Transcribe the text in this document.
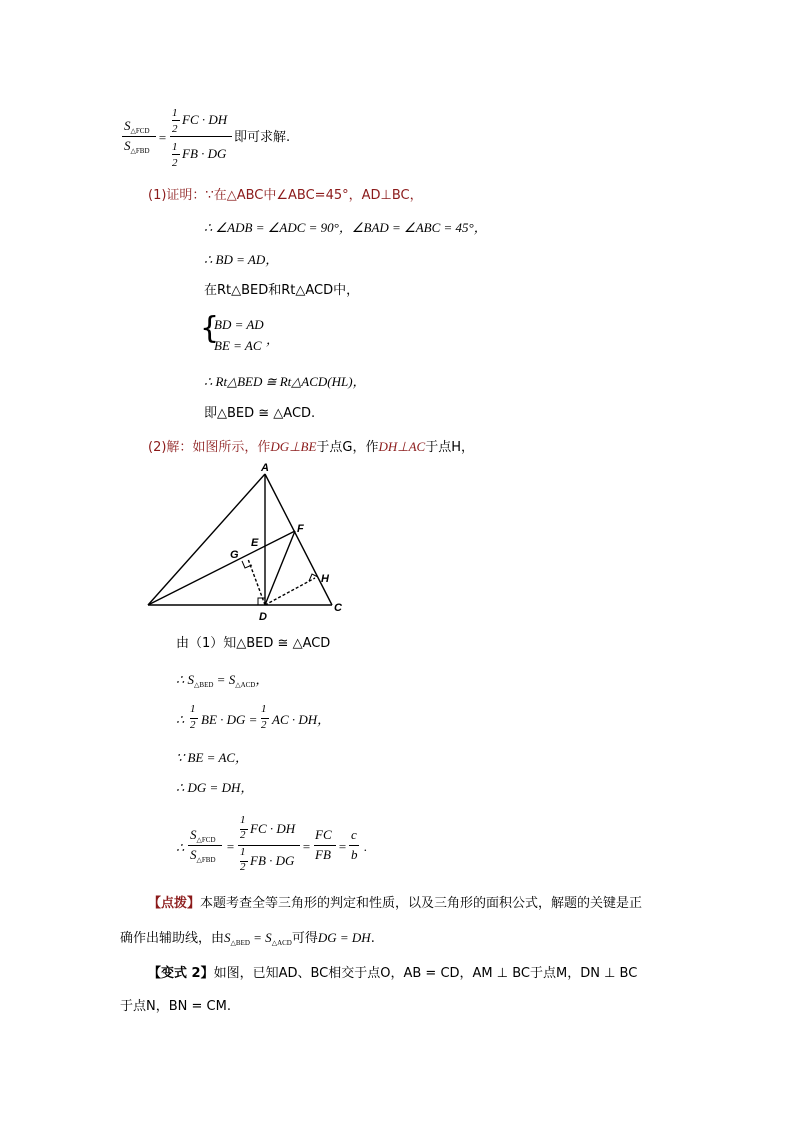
$S_{\triangle FCD}$
$S_{\triangle FBD}$
=
1
2
FC · DH
1
2
FB · DG
即可求解.
(1)证明：∵在△ABC中∠ABC=45°，AD⊥BC，
∴ ∠ADB = ∠ADC = 90°，∠BAD = ∠ABC = 45°，
∴ BD = AD，
在Rt△BED和Rt△ACD中，
{
BD = AD
BE = AC ，
∴ Rt△BED ≅ Rt△ACD(HL)，
即△BED ≅ △ACD.
(2)解：如图所示，作DG⊥BE于点G，作DH⊥AC于点H，
A
F
E
G
H
D
C
由（1）知△BED ≅ △ACD
∴ $S_{\triangle BED} = S_{\triangle ACD}$，
∴
1
2 BE · DG =
1
2 AC · DH，
∵ BE = AC，
∴ DG = DH，
∴
$S_{\triangle FCD}$
$S_{\triangle FBD}$
=
1
2 FC · DH
1
2 FB · DG
=
FC
FB
=
c
b
.
【点拨】本题考查全等三角形的判定和性质，以及三角形的面积公式，解题的关键是正
确作出辅助线，由$S_{\triangle BED} = S_{\triangle ACD}$可得DG = DH.
【变式 2】如图，已知AD、BC相交于点O，AB = CD，AM ⊥ BC于点M，DN ⊥ BC
于点N，BN = CM.
